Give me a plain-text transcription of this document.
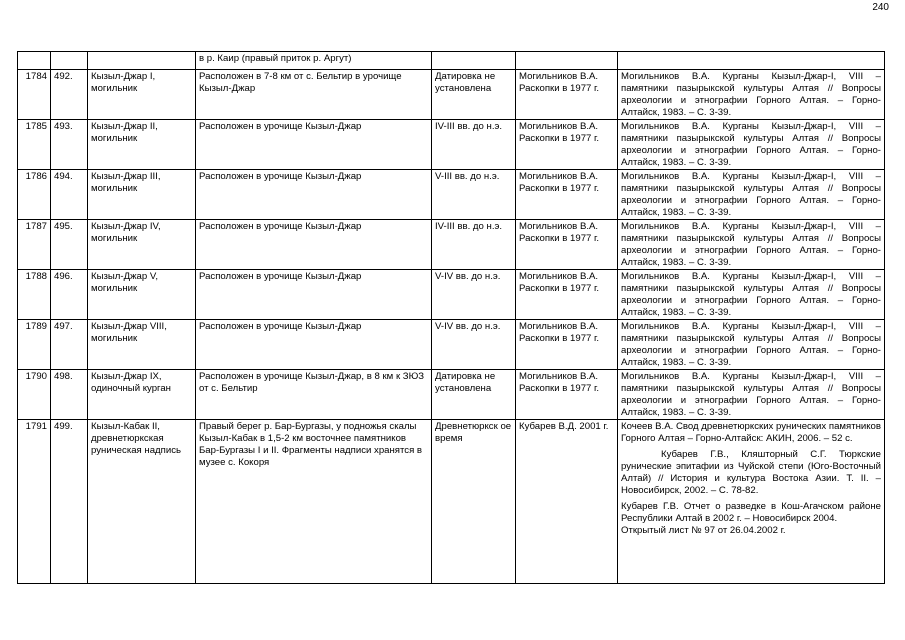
240
			в р. Каир (правый приток р. Аргут)			
1784	492.	Кызыл-Джар I, могильник	Расположен в 7-8 км от с. Бельтир в урочище Кызыл-Джар	Датировка не установлена	Могильников В.А. Раскопки в 1977 г.	Могильников В.А. Курганы Кызыл-Джар-I, VIII – памятники пазырыкской культуры Алтая // Вопросы археологии и этнографии Горного Алтая. – Горно-Алтайск, 1983. – С. 3-39.
1785	493.	Кызыл-Джар II, могильник	Расположен в урочище Кызыл-Джар	IV-III вв. до н.э.	Могильников В.А. Раскопки в 1977 г.	Могильников В.А. Курганы Кызыл-Джар-I, VIII – памятники пазырыкской культуры Алтая // Вопросы археологии и этнографии Горного Алтая. – Горно-Алтайск, 1983. – С. 3-39.
1786	494.	Кызыл-Джар III, могильник	Расположен в урочище Кызыл-Джар	V-III вв. до н.э.	Могильников В.А. Раскопки в 1977 г.	Могильников В.А. Курганы Кызыл-Джар-I, VIII – памятники пазырыкской культуры Алтая // Вопросы археологии и этнографии Горного Алтая. – Горно-Алтайск, 1983. – С. 3-39.
1787	495.	Кызыл-Джар IV, могильник	Расположен в урочище Кызыл-Джар	IV-III вв. до н.э.	Могильников В.А. Раскопки в 1977 г.	Могильников В.А. Курганы Кызыл-Джар-I, VIII – памятники пазырыкской культуры Алтая // Вопросы археологии и этнографии Горного Алтая. – Горно-Алтайск, 1983. – С. 3-39.
1788	496.	Кызыл-Джар V, могильник	Расположен в урочище Кызыл-Джар	V-IV вв. до н.э.	Могильников В.А. Раскопки в 1977 г.	Могильников В.А. Курганы Кызыл-Джар-I, VIII – памятники пазырыкской культуры Алтая // Вопросы археологии и этнографии Горного Алтая. – Горно-Алтайск, 1983. – С. 3-39.
1789	497.	Кызыл-Джар VIII, могильник	Расположен в урочище Кызыл-Джар	V-IV вв. до н.э.	Могильников В.А. Раскопки в 1977 г.	Могильников В.А. Курганы Кызыл-Джар-I, VIII – памятники пазырыкской культуры Алтая // Вопросы археологии и этнографии Горного Алтая. – Горно-Алтайск, 1983. – С. 3-39.
1790	498.	Кызыл-Джар IX, одиночный курган	Расположен в урочище Кызыл-Джар, в 8 км к ЗЮЗ от с. Бельтир	Датировка не установлена	Могильников В.А. Раскопки в 1977 г.	Могильников В.А. Курганы Кызыл-Джар-I, VIII – памятники пазырыкской культуры Алтая // Вопросы археологии и этнографии Горного Алтая. – Горно-Алтайск, 1983. – С. 3-39.
1791	499.	Кызыл-Кабак II, древнетюркская руническая надпись	Правый берег р. Бар-Бургазы, у подножья скалы Кызыл-Кабак в 1,5-2 км восточнее памятников Бар-Бургазы I и II. Фрагменты надписи хранятся в музее с. Кокоря	Древнетюркск ое время	Кубарев В.Д. 2001 г.	Кочеев В.А. Свод древнетюркских рунических памятников Горного Алтая – Горно-Алтайск: АКИН, 2006. – 52 с.

Кубарев Г.В., Кляшторный С.Г. Тюркские рунические эпитафии из Чуйской степи (Юго-Восточный Алтай) // История и культура Востока Азии. Т. II. – Новосибирск, 2002. – С. 78-82.

Кубарев Г.В. Отчет о разведке в Кош-Агачском районе Республики Алтай в 2002 г. – Новосибирск 2004.

Открытый лист № 97 от 26.04.2002 г.
